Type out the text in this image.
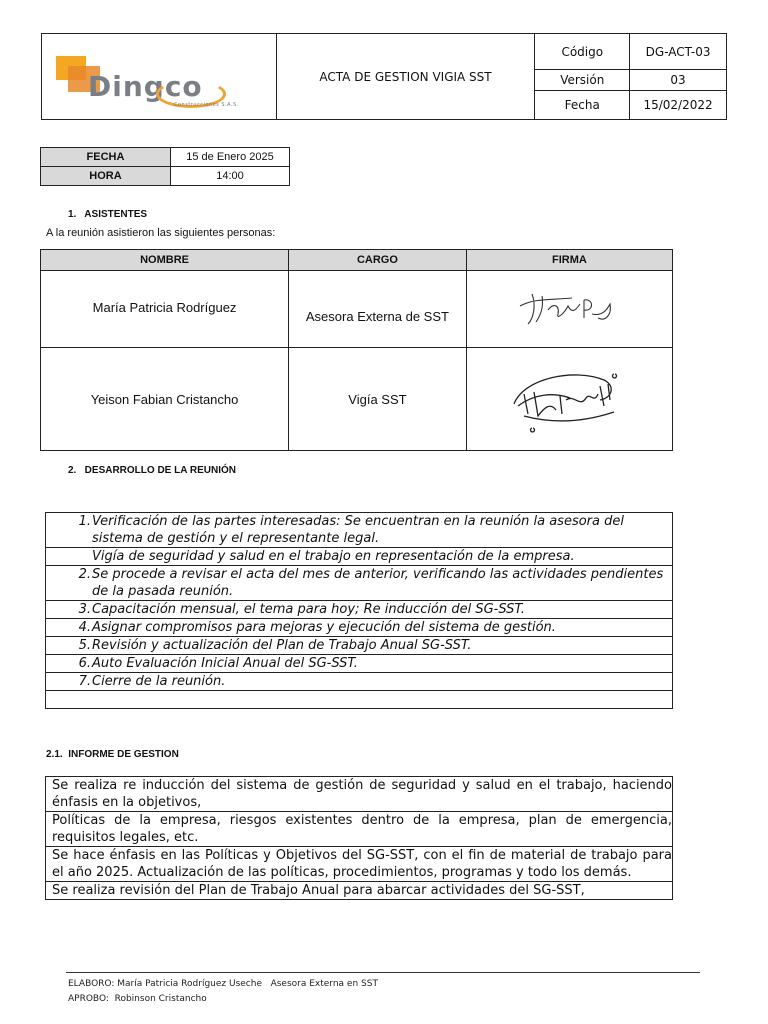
Dingco
Construcciones S.A.S.	ACTA DE GESTION VIGIA SST	Código	DG-ACT-03
		Versión	03
		Fecha	15/02/2022
FECHA	15 de Enero 2025
HORA	14:00
1.   ASISTENTES
A la reunión asistieron las siguientes personas:
NOMBRE	CARGO	FIRMA
María Patricia Rodríguez	Asesora Externa de SST	

Yeison Fabian Cristancho	Vigía SST	
2.   DESARROLLO DE LA REUNIÓN
1. Verificación de las partes interesadas: Se encuentran en la reunión la asesora del sistema de gestión y el representante legal.

Vigía de seguridad y salud en el trabajo en representación de la empresa.

2. Se procede a revisar el acta del mes de anterior, verificando las actividades pendientes de la pasada reunión.

3. Capacitación mensual, el tema para hoy; Re inducción del SG-SST.

4. Asignar compromisos para mejoras y ejecución del sistema de gestión.

5. Revisión y actualización del Plan de Trabajo Anual SG-SST.

6. Auto Evaluación Inicial Anual del SG-SST.

7. Cierre de la reunión.

2.1.  INFORME DE GESTION
Se realiza re inducción del sistema de gestión de seguridad y salud en el trabajo, haciendo énfasis en la objetivos,
Políticas de la empresa, riesgos existentes dentro de la empresa, plan de emergencia, requisitos legales, etc.
Se hace énfasis en las Políticas y Objetivos del SG-SST, con el fin de material de trabajo para el año 2025. Actualización de las políticas, procedimientos, programas y todo los demás.
Se realiza revisión del Plan de Trabajo Anual para abarcar actividades del SG-SST,
ELABORO: María Patricia Rodríguez Useche   Asesora Externa en SST
APROBO:  Robinson Cristancho
